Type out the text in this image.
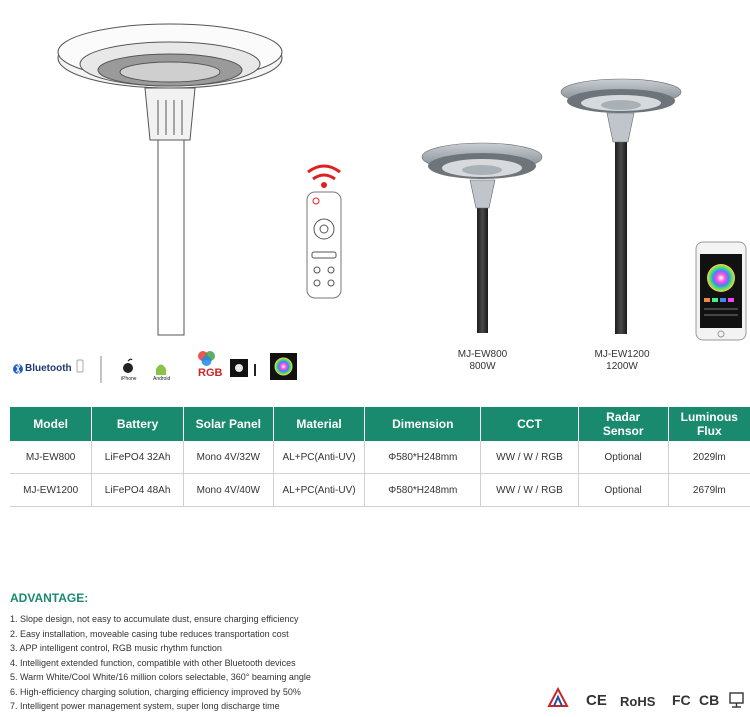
Bluetooth
iPhone	Android	RGB
MJ-EW800
800W
MJ-EW1200
1200W
Model	Battery	Solar Panel	Material	Dimension	CCT	Radar Sensor	Luminous Flux
MJ-EW800	LiFePO4 32Ah	Mono 4V/32W	AL+PC(Anti-UV)	Φ580*H248mm	WW / W / RGB	Optional	2029lm
MJ-EW1200	LiFePO4 48Ah	Mono 4V/40W	AL+PC(Anti-UV)	Φ580*H248mm	WW / W / RGB	Optional	2679lm
ADVANTAGE:
1. Slope design, not easy to accumulate dust, ensure charging efficiency
2. Easy installation, moveable casing tube reduces transportation cost
3. APP intelligent control, RGB music rhythm function
4. Intelligent extended function, compatible with other Bluetooth devices
5. Warm White/Cool White/16 million colors selectable, 360° beaming angle
6. High-efficiency charging solution, charging efficiency improved by 50%
7. Intelligent power management system, super long discharge time	CE RoHS FC CB
